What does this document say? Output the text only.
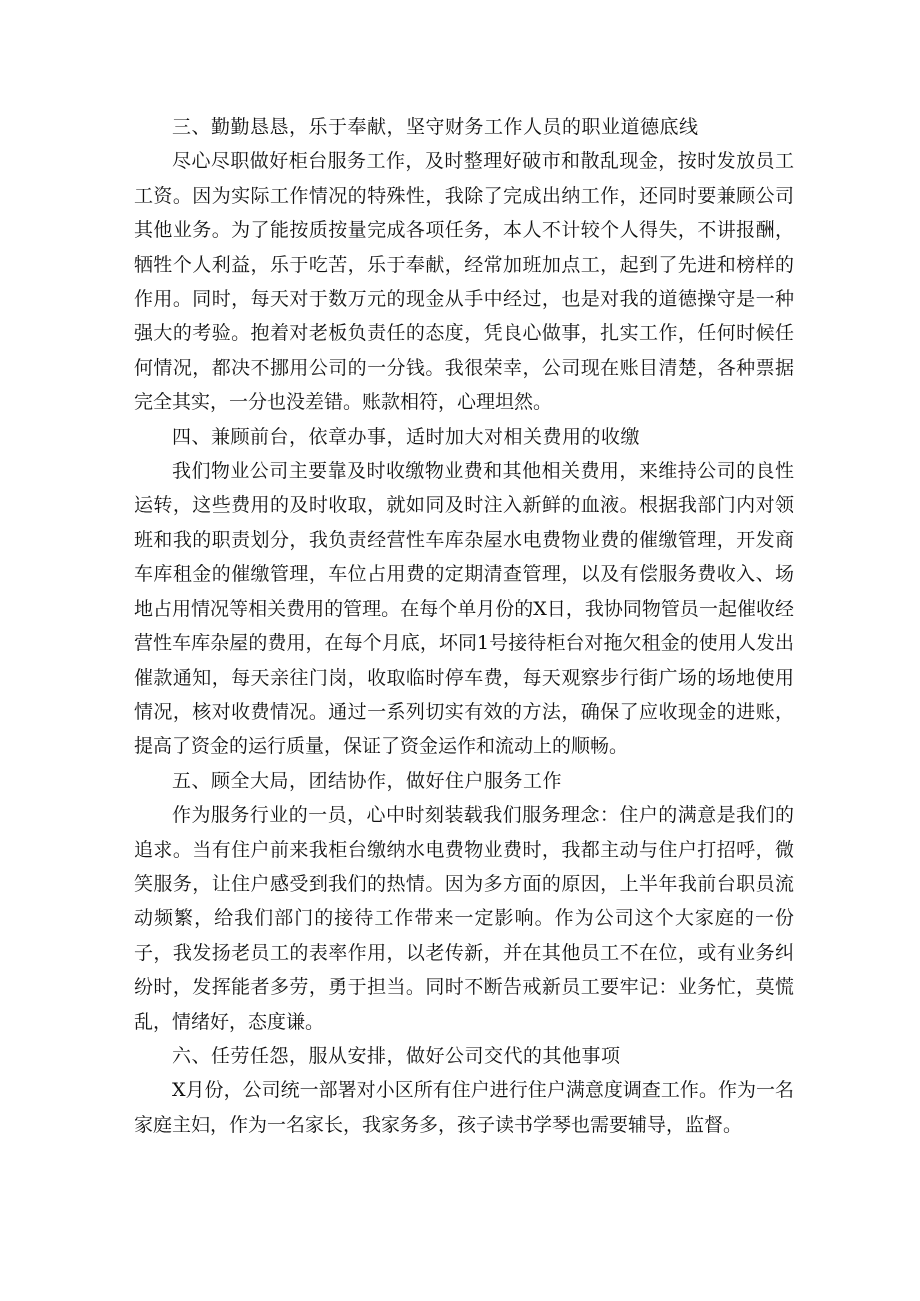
三、勤勤恳恳，乐于奉献，坚守财务工作人员的职业道德底线

尽心尽职做好柜台服务工作，及时整理好破市和散乱现金，按时发放员工工资。因为实际工作情况的特殊性，我除了完成出纳工作，还同时要兼顾公司其他业务。为了能按质按量完成各项任务，本人不计较个人得失，不讲报酬，牺牲个人利益，乐于吃苦，乐于奉献，经常加班加点工，起到了先进和榜样的作用。同时，每天对于数万元的现金从手中经过，也是对我的道德操守是一种强大的考验。抱着对老板负责任的态度，凭良心做事，扎实工作，任何时候任何情况，都决不挪用公司的一分钱。我很荣幸，公司现在账目清楚，各种票据完全其实，一分也没差错。账款相符，心理坦然。

四、兼顾前台，依章办事，适时加大对相关费用的收缴

我们物业公司主要靠及时收缴物业费和其他相关费用，来维持公司的良性运转，这些费用的及时收取，就如同及时注入新鲜的血液。根据我部门内对领班和我的职责划分，我负责经营性车库杂屋水电费物业费的催缴管理，开发商车库租金的催缴管理，车位占用费的定期清查管理，以及有偿服务费收入、场地占用情况等相关费用的管理。在每个单月份的X日，我协同物管员一起催收经营性车库杂屋的费用，在每个月底，坏同1号接待柜台对拖欠租金的使用人发出催款通知，每天亲往门岗，收取临时停车费，每天观察步行街广场的场地使用情况，核对收费情况。通过一系列切实有效的方法，确保了应收现金的进账，提高了资金的运行质量，保证了资金运作和流动上的顺畅。

五、顾全大局，团结协作，做好住户服务工作

作为服务行业的一员，心中时刻装载我们服务理念：住户的满意是我们的追求。当有住户前来我柜台缴纳水电费物业费时，我都主动与住户打招呼，微笑服务，让住户感受到我们的热情。因为多方面的原因，上半年我前台职员流动频繁，给我们部门的接待工作带来一定影响。作为公司这个大家庭的一份子，我发扬老员工的表率作用，以老传新，并在其他员工不在位，或有业务纠纷时，发挥能者多劳，勇于担当。同时不断告戒新员工要牢记：业务忙，莫慌乱，情绪好，态度谦。

六、任劳任怨，服从安排，做好公司交代的其他事项

X月份，公司统一部署对小区所有住户进行住户满意度调查工作。作为一名家庭主妇，作为一名家长，我家务多，孩子读书学琴也需要辅导，监督。
